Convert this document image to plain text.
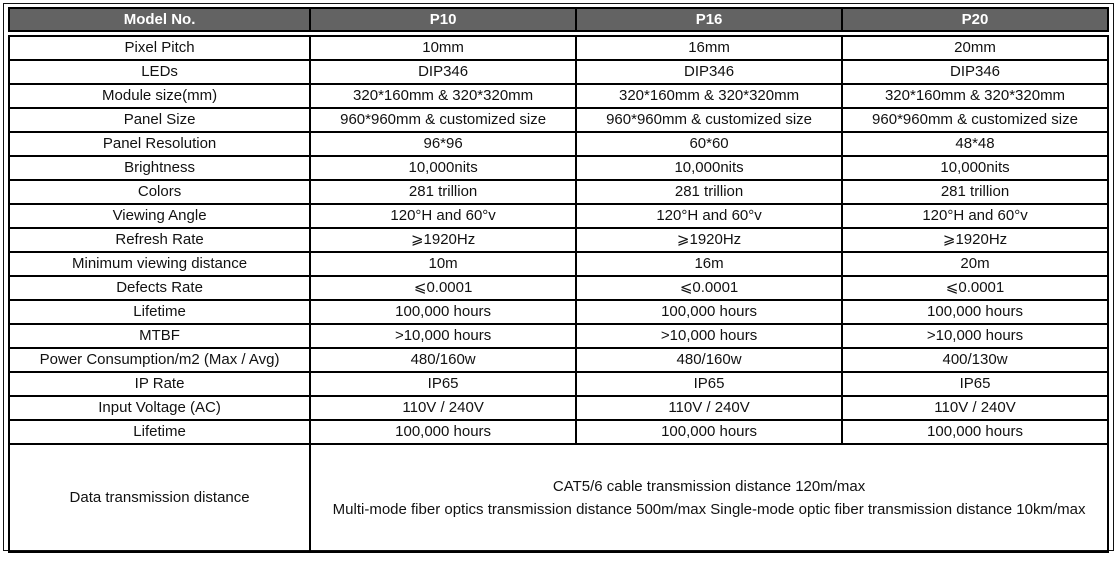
Model No.	P10	P16	P20
Pixel Pitch	10mm	16mm	20mm
LEDs	DIP346	DIP346	DIP346
Module size(mm)	320*160mm & 320*320mm	320*160mm & 320*320mm	320*160mm & 320*320mm
Panel Size	960*960mm & customized size	960*960mm & customized size	960*960mm & customized size
Panel Resolution	96*96	60*60	48*48
Brightness	10,000nits	10,000nits	10,000nits
Colors	281 trillion	281 trillion	281 trillion
Viewing Angle	120°H and 60°v	120°H and 60°v	120°H and 60°v
Refresh Rate	⩾1920Hz	⩾1920Hz	⩾1920Hz
Minimum viewing distance	10m	16m	20m
Defects Rate	⩽0.0001	⩽0.0001	⩽0.0001
Lifetime	100,000 hours	100,000 hours	100,000 hours
MTBF	>10,000 hours	>10,000 hours	>10,000 hours
Power Consumption/m2 (Max / Avg)	480/160w	480/160w	400/130w
IP Rate	IP65	IP65	IP65
Input Voltage (AC)	110V / 240V	110V / 240V	110V / 240V
Lifetime	100,000 hours	100,000 hours	100,000 hours
Data transmission distance	CAT5/6 cable transmission distance 120m/max
Multi-mode fiber optics transmission distance 500m/max Single-mode optic fiber transmission distance 10km/max		
